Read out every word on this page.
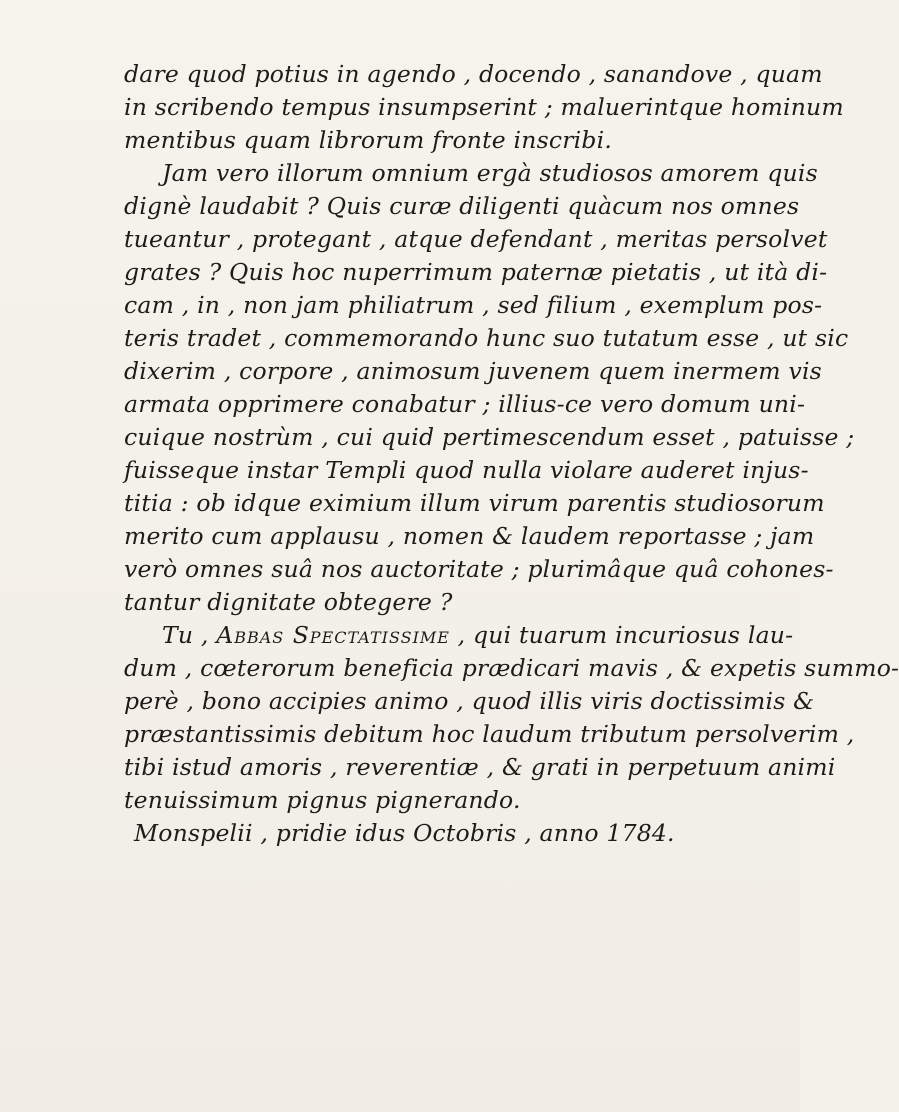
dare quod potius in agendo , docendo , sanandove , quam
in scribendo tempus insumpserint ; maluerintque hominum
mentibus quam librorum fronte inscribi.
Jam vero illorum omnium ergà studiosos amorem quis
dignè laudabit ? Quis curæ diligenti quàcum nos omnes
tueantur , protegant , atque defendant , meritas persolvet
grates ? Quis hoc nuperrimum paternæ pietatis , ut ità di-
cam , in , non jam philiatrum , sed filium , exemplum pos-
teris tradet , commemorando hunc suo tutatum esse , ut sic
dixerim , corpore , animosum juvenem quem inermem vis
armata opprimere conabatur ; illius-ce vero domum uni-
cuique nostrùm , cui quid pertimescendum esset , patuisse ;
fuisseque instar Templi quod nulla violare auderet injus-
titia : ob idque eximium illum virum parentis studiosorum
merito cum applausu , nomen & laudem reportasse ; jam
verò omnes suâ nos auctoritate ; plurimâque quâ cohones-
tantur dignitate obtegere ?
Tu , Abbas Spectatissime , qui tuarum incuriosus lau-
dum , cœterorum beneficia prædicari mavis , & expetis summo-
perè , bono accipies animo , quod illis viris doctissimis &
præstantissimis debitum hoc laudum tributum persolverim ,
tibi istud amoris , reverentiæ , & grati in perpetuum animi
tenuissimum pignus pignerando.
Monspelii , pridie idus Octobris , anno 1784.
